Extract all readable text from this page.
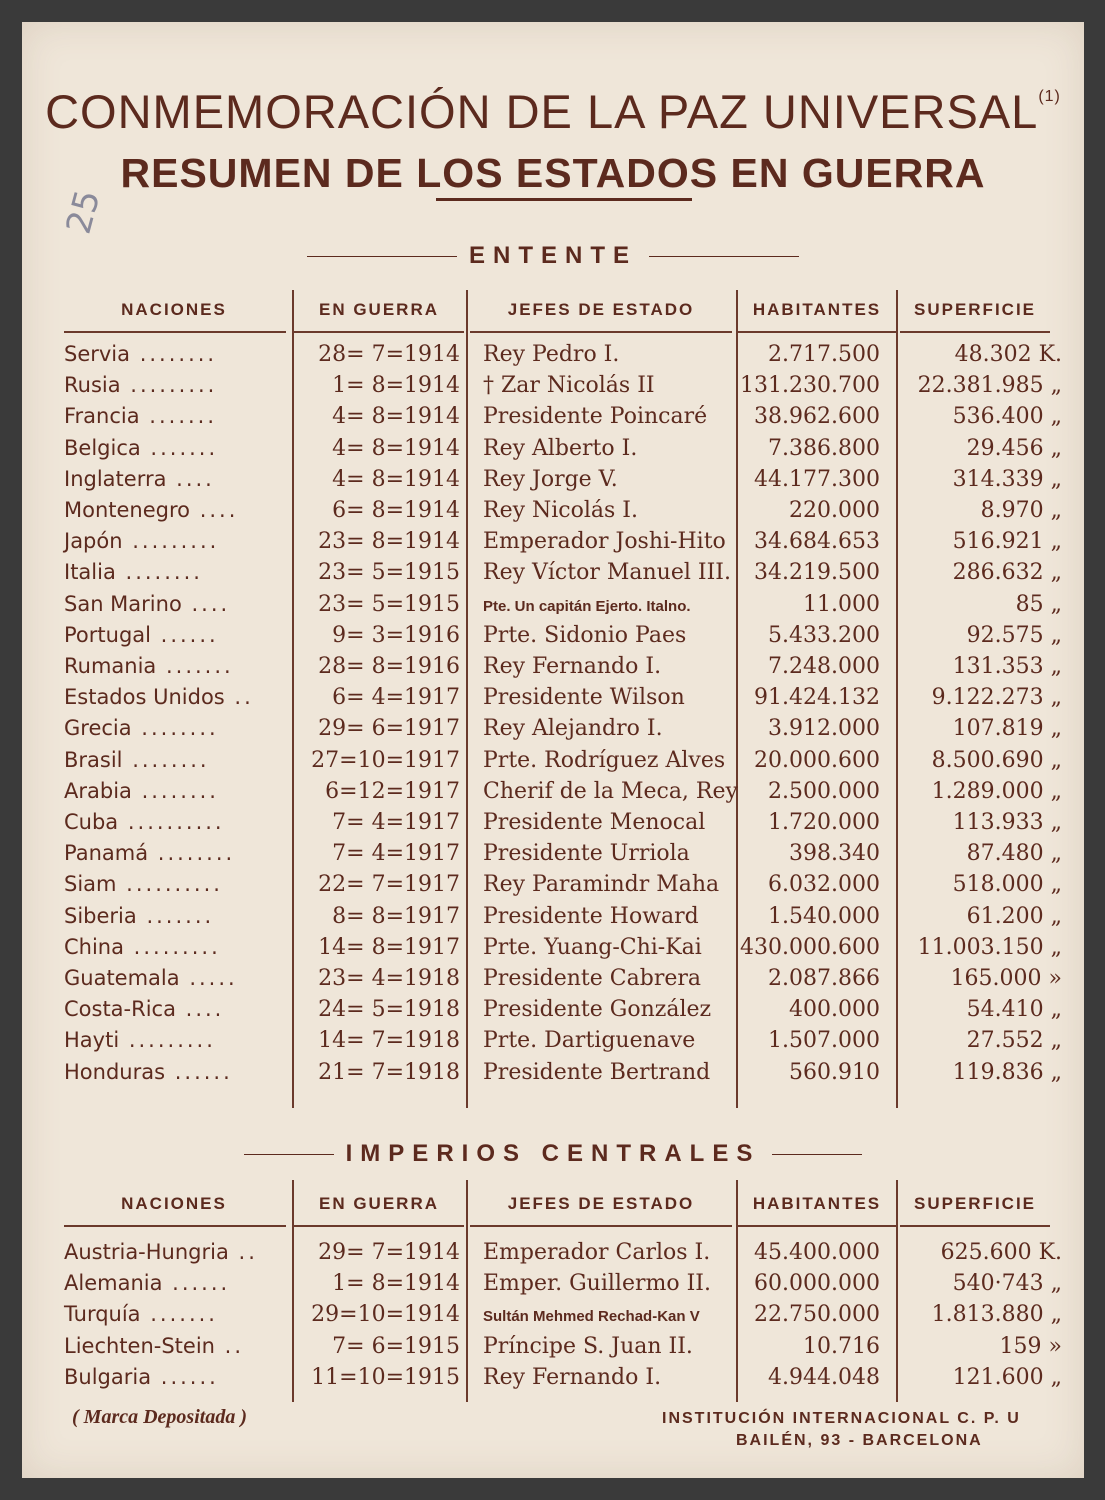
CONMEMORACIÓN DE LA PAZ UNIVERSAL$^{(1)}$
RESUMEN DE LOS ESTADOS EN GUERRA
25
ENTENTE
NACIONES	EN GUERRA	JEFES DE ESTADO	HABITANTES	SUPERFICIE
Servia ........	28= 7=1914 Rey Pedro I.	2.717.500	48.302 K.
Rusia .........	1= 8=1914 † Zar Nicolás II	131.230.700	22.381.985 „
Francia .......	4= 8=1914 Presidente Poincaré	38.962.600	536.400 „
Belgica .......	4= 8=1914 Rey Alberto I.	7.386.800	29.456 „
Inglaterra ....	4= 8=1914 Rey Jorge V.	44.177.300	314.339 „
Montenegro ....	6= 8=1914 Rey Nicolás I.	220.000	8.970 „
Japón .........	23= 8=1914 Emperador Joshi-Hito	34.684.653	516.921 „
Italia ........	23= 5=1915 Rey Víctor Manuel III.	34.219.500	286.632 „
San Marino ....	23= 5=1915 Pte. Un capitán Ejerto. Italno.	11.000	85 „
Portugal ......	9= 3=1916 Prte. Sidonio Paes	5.433.200	92.575 „
Rumania .......	28= 8=1916 Rey Fernando I.	7.248.000	131.353 „
Estados Unidos ..	6= 4=1917 Presidente Wilson	91.424.132	9.122.273 „
Grecia ........	29= 6=1917 Rey Alejandro I.	3.912.000	107.819 „
Brasil ........	27=10=1917 Prte. Rodríguez Alves	20.000.600	8.500.690 „
Arabia ........	6=12=1917 Cherif de la Meca, Rey	2.500.000	1.289.000 „
Cuba ..........	7= 4=1917 Presidente Menocal	1.720.000	113.933 „
Panamá ........	7= 4=1917 Presidente Urriola	398.340	87.480 „
Siam ..........	22= 7=1917 Rey Paramindr Maha	6.032.000	518.000 „
Siberia .......	8= 8=1917 Presidente Howard	1.540.000	61.200 „
China .........	14= 8=1917 Prte. Yuang-Chi-Kai 430.000.600	11.003.150 „
Guatemala .....	23= 4=1918 Presidente Cabrera	2.087.866	165.000 »
Costa-Rica ....	24= 5=1918 Presidente González	400.000	54.410 „
Hayti .........	14= 7=1918 Prte. Dartiguenave	1.507.000	27.552 „
Honduras ......	21= 7=1918 Presidente Bertrand	560.910	119.836 „
IMPERIOS CENTRALES
NACIONES	EN GUERRA	JEFES DE ESTADO	HABITANTES	SUPERFICIE
Austria-Hungria ..	29= 7=1914 Emperador Carlos I.	45.400.000	625.600 K.
Alemania ......	1= 8=1914 Emper. Guillermo II.	60.000.000	540·743 „
Turquía .......	29=10=1914 Sultán Mehmed Rechad-Kan V	22.750.000	1.813.880 „
Liechten-Stein ..	7= 6=1915 Príncipe S. Juan II.	10.716	159 »
Bulgaria ......	11=10=1915 Rey Fernando I.	4.944.048	121.600 „
( Marca Depositada )	INSTITUCIÓN INTERNACIONAL C. P. U
BAILÉN, 93 - BARCELONA
